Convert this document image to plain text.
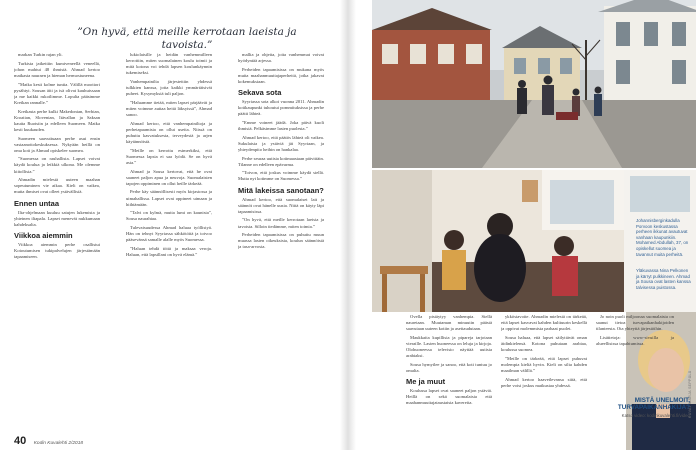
”On hyvä, että meille kerrotaan laeista ja tavoista.”

markan Turkin rajan yli.

Turkista jatkettiin kumiveneellä veneellä, johon mahtui 48 ihmistä. Ahmad kertoo matkasta nauraen ja hieman hermostuneena.

”Matka kesti kolme tuntia. Välillä moottori pysähtyi. Sousan äiti ja isä olivat kauhuissaan ja me kaikki rukoilimme. Lopulta pääsimme Kreikan rannalle.”

Kreikasta perhe kulki Makedonian, Serbian, Kroatian, Slovenian, Itävallan ja Saksan kautta Ruotsiin ja edelleen Suomeen. Matka kesti kuukauden.

Suomeen saavuttuaan perhe asui ensin vastaanottokeskuksessa. Nykyään heillä on oma koti ja Ahmad opiskelee suomea.

”Suomessa on rauhallista. Lapset voivat käydä koulua ja leikkiä ulkona. Me olemme kiitollisia.”

Ahmadin mielestä uuteen maahan sopeutuminen vie aikaa. Kieli on vaikea, mutta ihmiset ovat olleet ystävällisiä.

Ennen untaa

Ilta-ohjelmaan kuuluu satujen lukemista ja yhteinen iltapala. Lapset menevät nukkumaan kahdeksalta.

Viikkoa aiemmin

Viikkoa aiemmin perhe osallistui Kotoutumisen tukipalvelujen järjestämään tapaamiseen.

lukiolaisille ja heidän vanhemmilleen kerrottiin, miten suomalainen koulu toimii ja mitä kotona voi tehdä lapsen koulunkäynnin tukemiseksi.

Vanhempainilta järjestettiin yhdessä tulkkien kanssa, jotta kaikki ymmärtäisivät puheet. Kysymyksiä tuli paljon.

”Haluamme tietää, miten lapset pärjäävät ja miten voimme auttaa heitä läksyissä”, Ahmad sanoo.

Ahmad kertoo, että vanhempainiltoja ja perhetapaamisia on ollut useita. Niissä on puhuttu kasvatuksesta, terveydestä ja arjen käytännöistä.

”Meille on kerrottu esimerkiksi, että Suomessa lapsia ei saa lyödä. Se on hyvä asia.”

Ahmad ja Sousa kertovat, että he ovat saaneet paljon apua ja neuvoja. Suomalaisten tapojen oppiminen on ollut heille tärkeää.

Perhe käy säännöllisesti myös kirjastossa ja uimahallissa. Lapset ovat oppineet uimaan ja hiihtämään.

”Talvi on kylmä, mutta lumi on kaunista”, Sousa naurahtaa.

Tulevaisuudessa Ahmad haluaa työllistyä. Hän on tehnyt Syyriassa sähkötöitä ja toivoo pääsevänsä samalle alalle myös Suomessa.

”Haluan tehdä töitä ja maksaa veroja. Haluan, että lapsillani on hyvä elämä.”

mallia ja ohjeita, joita vanhemmat voivat hyödyntää arjessa.

Perheiden tapaamisissa on mukana myös muita maahanmuuttajaperheitä, jotka jakavat kokemuksiaan.

Sekava sota

Syyriassa sota alkoi vuonna 2011. Ahmadin kotikaupunki tuhoutui pommituksissa ja perhe päätti lähteä.

”Emme voineet jäädä. Joka päivä kuoli ihmisiä. Pelkäsimme lasten puolesta.”

Ahmad kertoo, että päätös lähteä oli vaikea. Sukulaisia ja ystäviä jäi Syyriaan, ja yhteydenpito heihin on hankalaa.

Perhe seuraa uutisia kotimaastaan päivittäin. Tilanne on edelleen epävarma.

”Toivon, että joskus voimme käydä siellä. Mutta nyt kotimme on Suomessa.”

Mitä lakeissa sanotaan?

Ahmad kertoo, että suomalaiset lait ja säännöt ovat hänelle uusia. Niitä on käyty läpi tapaamisissa.

”On hyvä, että meille kerrotaan laeista ja tavoista. Silloin tiedämme, miten toimia.”

Perheiden tapaamisissa on puhuttu muun muassa lasten oikeuksista, koulun säännöistä ja tasa-arvosta.

40 Kodin Kuvalehti 2/2018
Johannisberginkadulla Porvoon keskustassa perheen ikkunat avautuvat vanhaan kaupunkiin. Mohamed Abdullah, 37, on opiskellut suomea ja tavannut muita perheitä.
Yläkuvassa Nina Pelkonen ja kärryt pulkkineen. Ahmad ja Sousa ovat lasten kanssa talvisessa puistossa.
KUVAT MARJA SEPPÄLÄ

Ovella pistäytyy vanhempia. Siellä nauretaan. Muutaman minuutin päästä saavutaan uuteen kotiin ja asettaudutaan.

Maukkaita kupillisia ja pipareja tarjotaan vieraille. Lasten huoneessa on leluja ja kirjoja. Olohuoneessa televisio näyttää uutisia arabiaksi.

Sousa hymyilee ja sanoo, että koti tuntuu jo omalta.

Me ja muut

Koulussa lapset ovat saaneet paljon ystäviä. Heillä on sekä suomalaisia että maahanmuuttajataustaisia kavereita.

ykköstavoite. Ahmadin mielestä on tärkeää, että lapset kasvavat kahden kulttuurin keskellä ja oppivat molemmista parhaat puolet.

Sousa haluaa, että lapset säilyttävät oman äidinkielensä. Kotona puhutaan arabiaa, koulussa suomea.

”Meille on tärkeää, että lapset puhuvat molempia kieliä hyvin. Kieli on silta kahden maailman välillä.”

Ahmad kertoo haaveilevansa siitä, että perhe voisi joskus matkustaa yhdessä.

Jo noin puoli miljoonaa suomalaista on saanut tietoa turvapaikanhakijoiden tilanteesta. Ota yhteyttä järjestöihin.

Lisätietoja: www-sivuilla ja alueellisissa tapahtumissa.

MISTÄ UNELMOIT, TURVAPAIKANHAKIJA?
Katso video: kodinkuvalehti.fi/video
